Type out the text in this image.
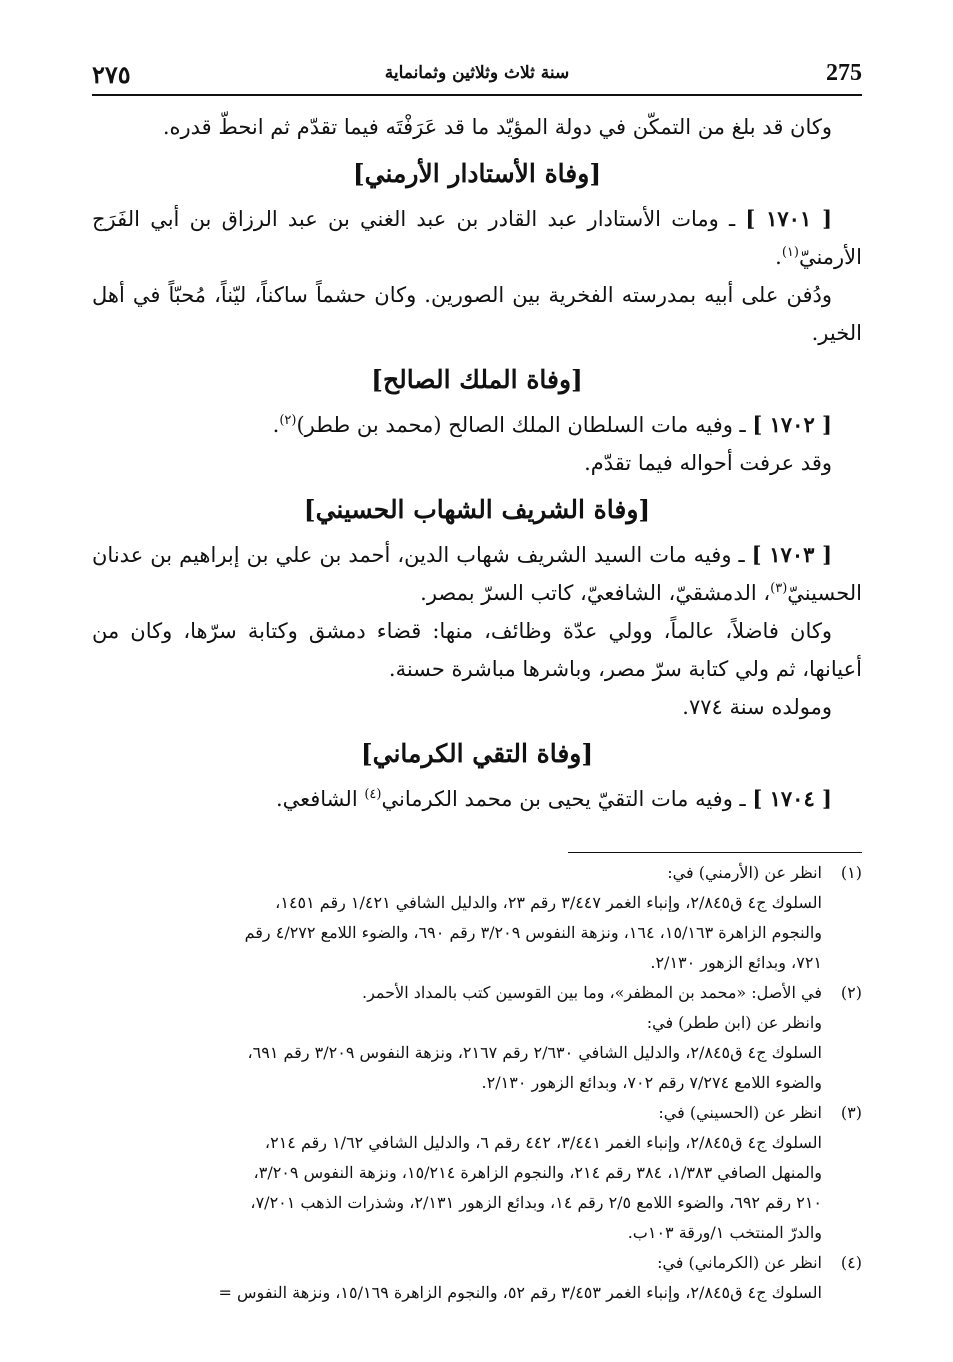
٢٧٥	سنة ثلاث وثلاثين وثمانماية	275

وكان قد بلغ من التمكّن في دولة المؤيّد ما قد عَرَفْتَه فيما تقدّم ثم انحطّ قدره.

[وفاة الأستادار الأرمني]

[ ١٧٠١ ] ـ ومات الأستادار عبد القادر بن عبد الغني بن عبد الرزاق بن أبي الفَرَج الأرمنيّ$^{(١)}$.

ودُفن على أبيه بمدرسته الفخرية بين الصورين. وكان حشماً ساكناً، ليّناً، مُحبّاً في أهل الخير.

[وفاة الملك الصالح]

[ ١٧٠٢ ] ـ وفيه مات السلطان الملك الصالح (محمد بن ططر)$^{(٢)}$.

وقد عرفت أحواله فيما تقدّم.

[وفاة الشريف الشهاب الحسيني]

[ ١٧٠٣ ] ـ وفيه مات السيد الشريف شهاب الدين، أحمد بن علي بن إبراهيم بن عدنان الحسينيّ$^{(٣)}$، الدمشقيّ، الشافعيّ، كاتب السرّ بمصر.

وكان فاضلاً، عالماً، وولي عدّة وظائف، منها: قضاء دمشق وكتابة سرّها، وكان من أعيانها، ثم ولي كتابة سرّ مصر، وباشرها مباشرة حسنة.

ومولده سنة ٧٧٤.

[وفاة التقي الكرماني]

[ ١٧٠٤ ] ـ وفيه مات التقيّ يحيى بن محمد الكرماني$^{(٤)}$ الشافعي.

(١)
انظر عن (الأرمني) في:
السلوك ج٤ ق٢/٨٤٥، وإنباء الغمر ٣/٤٤٧ رقم ٢٣، والدليل الشافي ١/٤٢١ رقم ١٤٥١،
والنجوم الزاهرة ١٥/١٦٣، ١٦٤، ونزهة النفوس ٣/٢٠٩ رقم ٦٩٠، والضوء اللامع ٤/٢٧٢ رقم
٧٢١، وبدائع الزهور ٢/١٣٠.
(٢)
في الأصل: «محمد بن المظفر»، وما بين القوسين كتب بالمداد الأحمر.
وانظر عن (ابن ططر) في:
السلوك ج٤ ق٢/٨٤٥، والدليل الشافي ٢/٦٣٠ رقم ٢١٦٧، ونزهة النفوس ٣/٢٠٩ رقم ٦٩١،
والضوء اللامع ٧/٢٧٤ رقم ٧٠٢، وبدائع الزهور ٢/١٣٠.
(٣)
انظر عن (الحسيني) في:
السلوك ج٤ ق٢/٨٤٥، وإنباء الغمر ٣/٤٤١، ٤٤٢ رقم ٦، والدليل الشافي ١/٦٢ رقم ٢١٤،
والمنهل الصافي ١/٣٨٣، ٣٨٤ رقم ٢١٤، والنجوم الزاهرة ١٥/٢١٤، ونزهة النفوس ٣/٢٠٩،
٢١٠ رقم ٦٩٢، والضوء اللامع ٢/٥ رقم ١٤، وبدائع الزهور ٢/١٣١، وشذرات الذهب ٧/٢٠١،
والدرّ المنتخب ١/ورقة ١٠٣ب.
(٤)
انظر عن (الكرماني) في:
السلوك ج٤ ق٢/٨٤٥، وإنباء الغمر ٣/٤٥٣ رقم ٥٢، والنجوم الزاهرة ١٥/١٦٩، ونزهة النفوس =
